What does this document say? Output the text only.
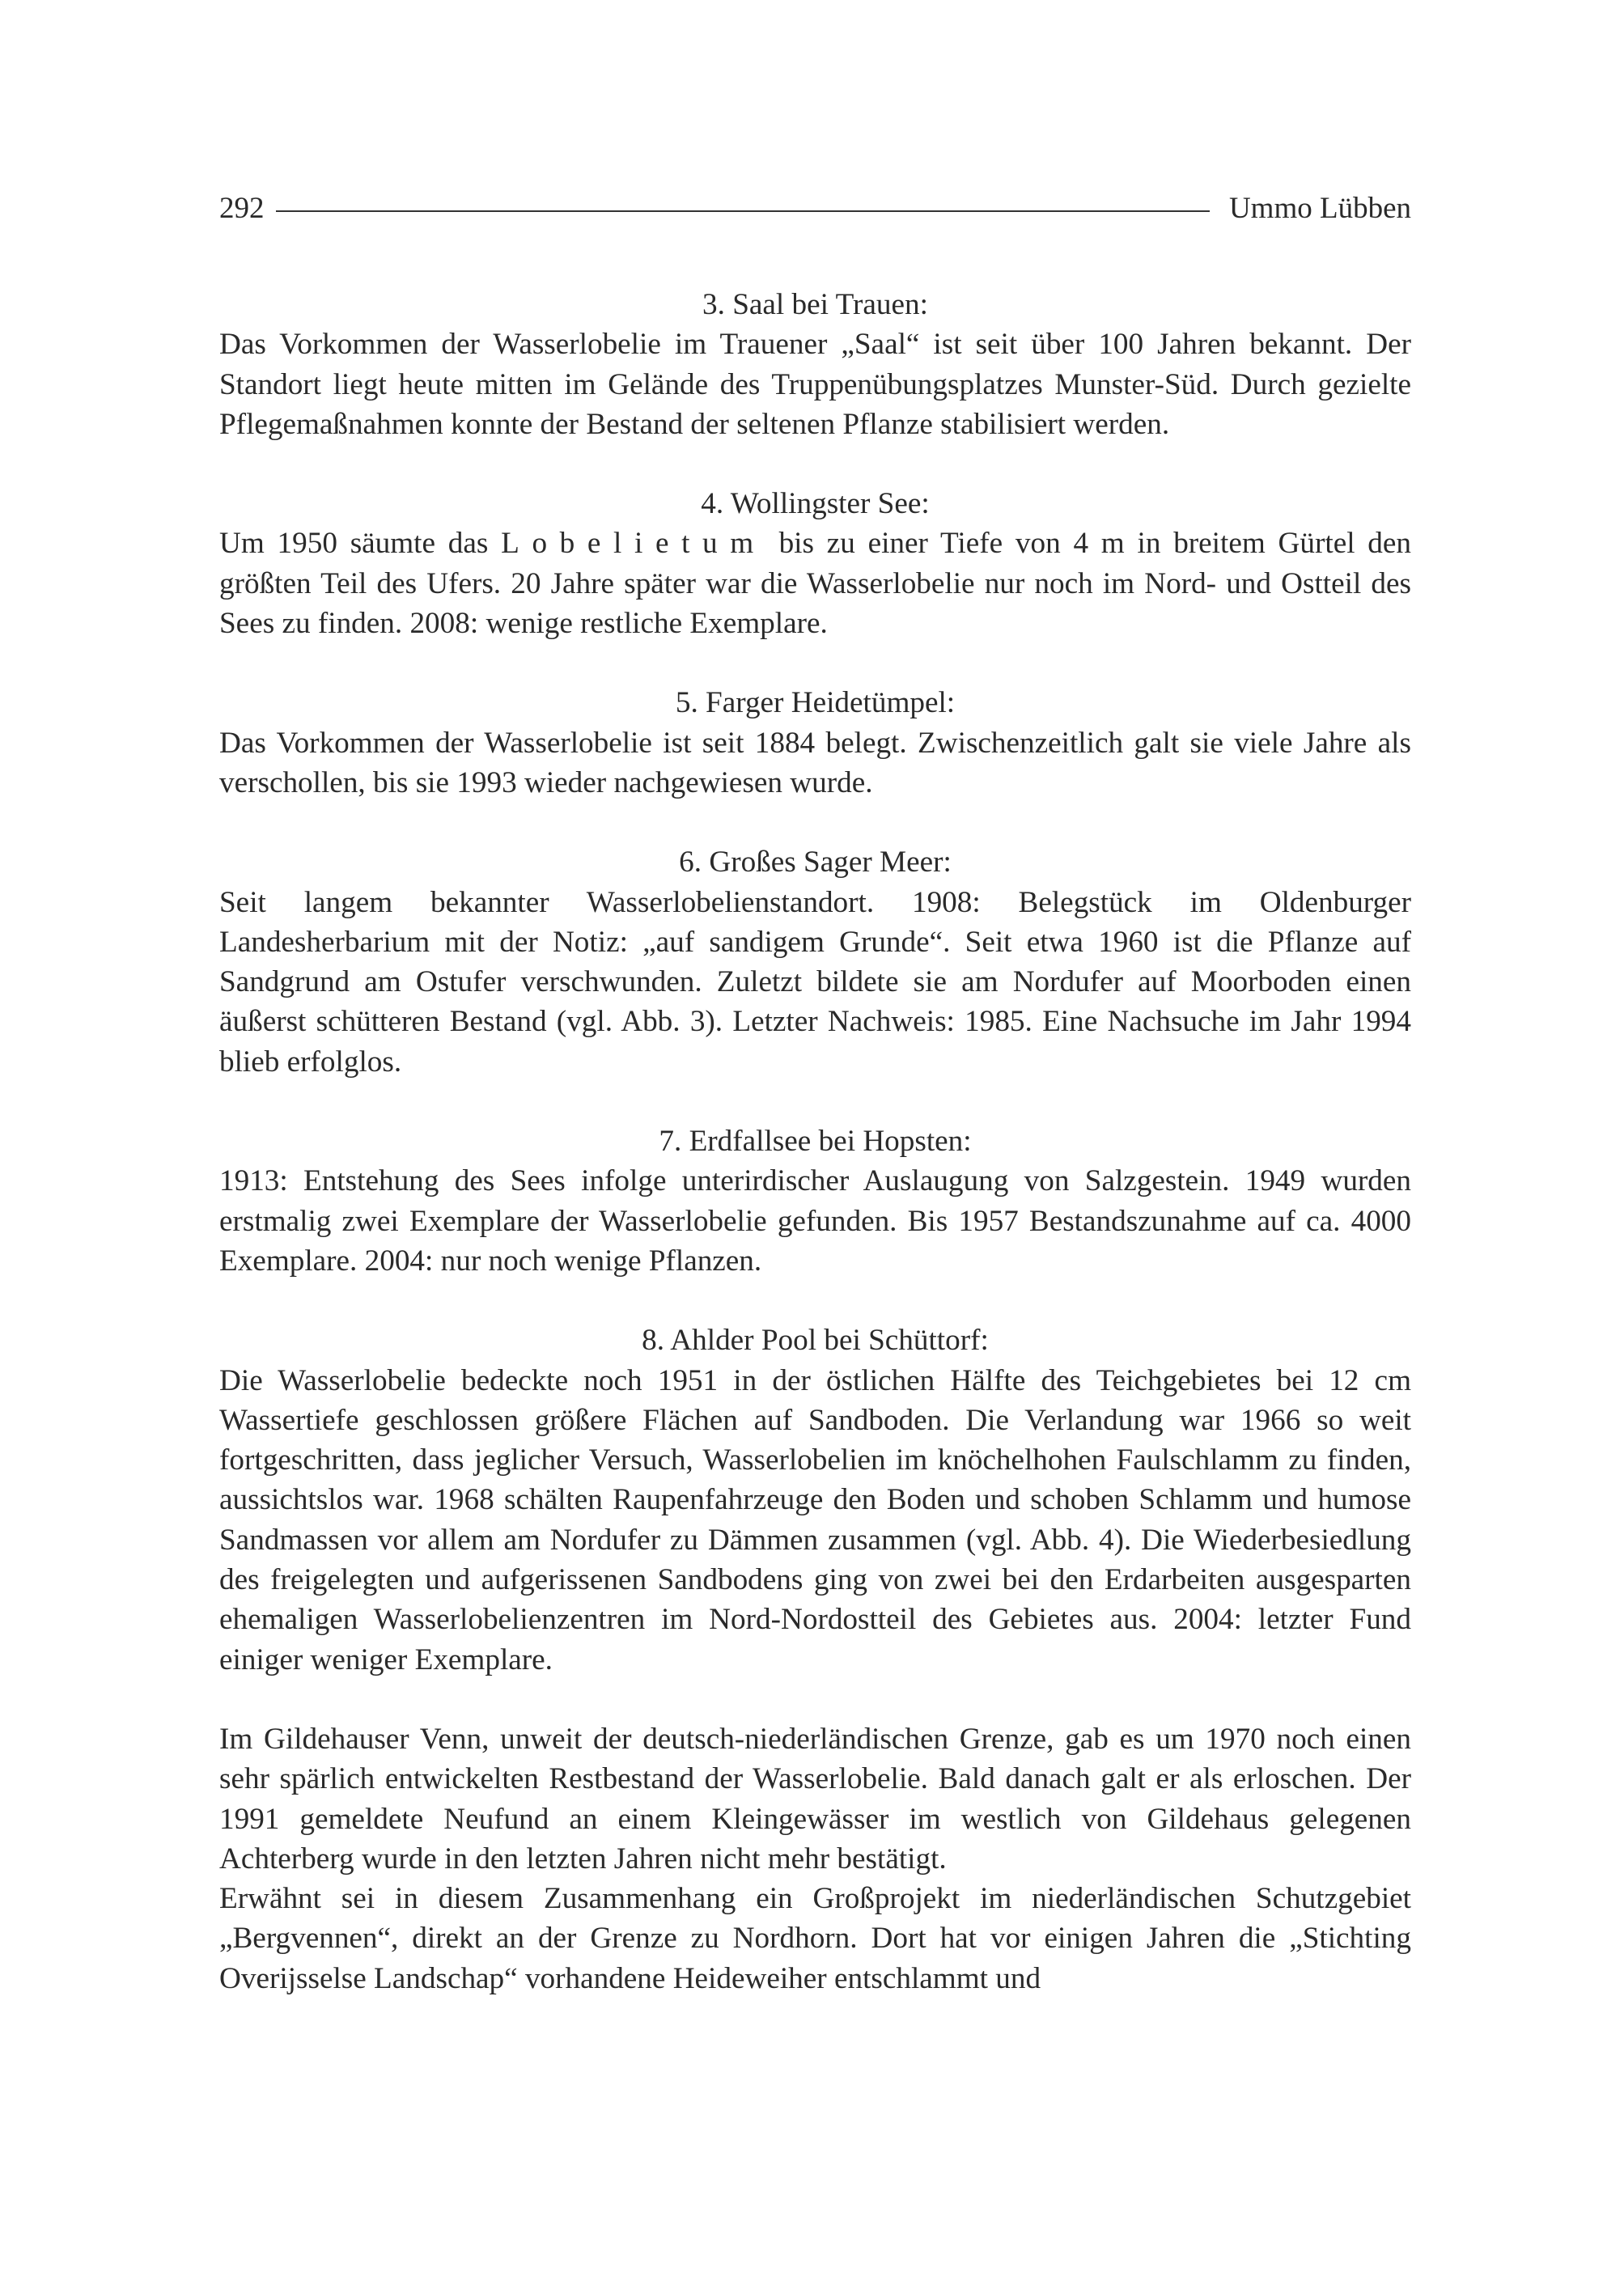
292	Ummo Lübben
3. Saal bei Trauen:
Das Vorkommen der Wasserlobelie im Trauener „Saal“ ist seit über 100 Jahren bekannt. Der Standort liegt heute mitten im Gelände des Truppenübungsplatzes Munster-Süd. Durch gezielte Pflegemaßnahmen konnte der Bestand der seltenen Pflanze stabilisiert werden.
4. Wollingster See:
Um 1950 säumte das Lobelietum bis zu einer Tiefe von 4 m in breitem Gürtel den größten Teil des Ufers. 20 Jahre später war die Wasserlobelie nur noch im Nord- und Ostteil des Sees zu finden. 2008: wenige restliche Exemplare.
5. Farger Heidetümpel:
Das Vorkommen der Wasserlobelie ist seit 1884 belegt. Zwischenzeitlich galt sie viele Jahre als verschollen, bis sie 1993 wieder nachgewiesen wurde.
6. Großes Sager Meer:
Seit langem bekannter Wasserlobelienstandort. 1908: Belegstück im Oldenburger Landesherbarium mit der Notiz: „auf sandigem Grunde“. Seit etwa 1960 ist die Pflanze auf Sandgrund am Ostufer verschwunden. Zuletzt bildete sie am Nordufer auf Moorboden einen äußerst schütteren Bestand (vgl. Abb. 3). Letzter Nachweis: 1985. Eine Nachsuche im Jahr 1994 blieb erfolglos.
7. Erdfallsee bei Hopsten:
1913: Entstehung des Sees infolge unterirdischer Auslaugung von Salzgestein. 1949 wurden erstmalig zwei Exemplare der Wasserlobelie gefunden. Bis 1957 Bestandszunahme auf ca. 4000 Exemplare. 2004: nur noch wenige Pflanzen.
8. Ahlder Pool bei Schüttorf:
Die Wasserlobelie bedeckte noch 1951 in der östlichen Hälfte des Teichgebietes bei 12 cm Wassertiefe geschlossen größere Flächen auf Sandboden. Die Verlandung war 1966 so weit fortgeschritten, dass jeglicher Versuch, Wasserlobelien im knöchelhohen Faulschlamm zu finden, aussichtslos war. 1968 schälten Raupenfahrzeuge den Boden und schoben Schlamm und humose Sandmassen vor allem am Nordufer zu Dämmen zusammen (vgl. Abb. 4). Die Wiederbesiedlung des freigelegten und aufgerissenen Sandbodens ging von zwei bei den Erdarbeiten ausgesparten ehemaligen Wasserlobelienzentren im Nord-Nordostteil des Gebietes aus. 2004: letzter Fund einiger weniger Exemplare.
Im Gildehauser Venn, unweit der deutsch-niederländischen Grenze, gab es um 1970 noch einen sehr spärlich entwickelten Restbestand der Wasserlobelie. Bald danach galt er als erloschen. Der 1991 gemeldete Neufund an einem Kleingewässer im westlich von Gildehaus gelegenen Achterberg wurde in den letzten Jahren nicht mehr bestätigt.
Erwähnt sei in diesem Zusammenhang ein Großprojekt im niederländischen Schutzgebiet „Bergvennen“, direkt an der Grenze zu Nordhorn. Dort hat vor einigen Jahren die „Stichting Overijsselse Landschap“ vorhandene Heideweiher entschlammt und
